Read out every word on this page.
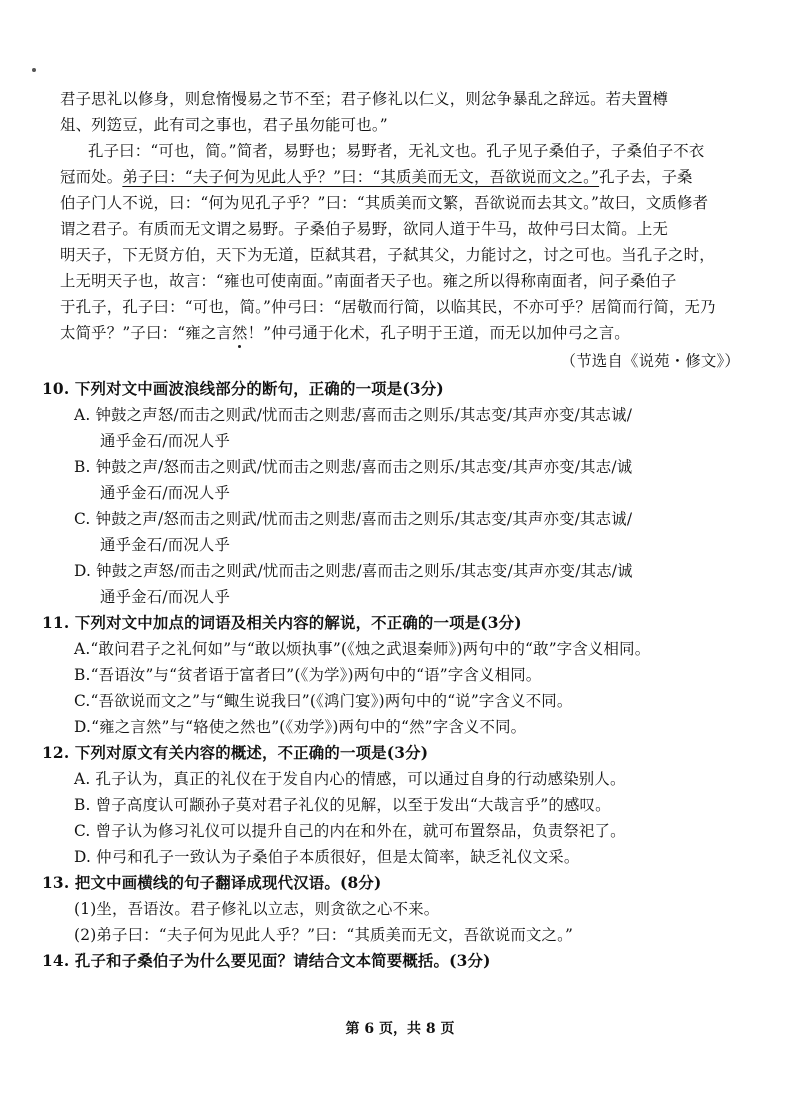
君子思礼以修身，则怠惰慢易之节不至；君子修礼以仁义，则忿争暴乱之辞远。若夫置樽
俎、列笾豆，此有司之事也，君子虽勿能可也。”
孔子曰：“可也，简。”简者，易野也；易野者，无礼文也。孔子见子桑伯子，子桑伯子不衣
冠而处。弟子曰：“夫子何为见此人乎？”曰：“其质美而无文，吾欲说而文之。”孔子去，子桑
伯子门人不说，曰：“何为见孔子乎？”曰：“其质美而文繁，吾欲说而去其文。”故曰，文质修者
谓之君子。有质而无文谓之易野。子桑伯子易野，欲同人道于牛马，故仲弓曰太简。上无
明天子，下无贤方伯，天下为无道，臣弑其君，子弑其父，力能讨之，讨之可也。当孔子之时，
上无明天子也，故言：“雍也可使南面。”南面者天子也。雍之所以得称南面者，问子桑伯子
于孔子，孔子曰：“可也，简。”仲弓曰：“居敬而行简，以临其民，不亦可乎？居简而行简，无乃
太简乎？”子曰：“雍之言然！”仲弓通于化术，孔子明于王道，而无以加仲弓之言。
（节选自《说苑・修文》）
10. 下列对文中画波浪线部分的断句，正确的一项是(3分)
A. 钟鼓之声怒/而击之则武/忧而击之则悲/喜而击之则乐/其志变/其声亦变/其志诚/
通乎金石/而况人乎
B. 钟鼓之声/怒而击之则武/忧而击之则悲/喜而击之则乐/其志变/其声亦变/其志/诚
通乎金石/而况人乎
C. 钟鼓之声/怒而击之则武/忧而击之则悲/喜而击之则乐/其志变/其声亦变/其志诚/
通乎金石/而况人乎
D. 钟鼓之声怒/而击之则武/忧而击之则悲/喜而击之则乐/其志变/其声亦变/其志/诚
通乎金石/而况人乎
11. 下列对文中加点的词语及相关内容的解说，不正确的一项是(3分)
A.“敢问君子之礼何如”与“敢以烦执事”(《烛之武退秦师》)两句中的“敢”字含义相同。
B.“吾语汝”与“贫者语于富者曰”(《为学》)两句中的“语”字含义相同。
C.“吾欲说而文之”与“鲰生说我曰”(《鸿门宴》)两句中的“说”字含义不同。
D.“雍之言然”与“辂使之然也”(《劝学》)两句中的“然”字含义不同。
12. 下列对原文有关内容的概述，不正确的一项是(3分)
A. 孔子认为，真正的礼仪在于发自内心的情感，可以通过自身的行动感染别人。
B. 曾子高度认可颛孙子莫对君子礼仪的见解，以至于发出“大哉言乎”的感叹。
C. 曾子认为修习礼仪可以提升自己的内在和外在，就可布置祭品，负责祭祀了。
D. 仲弓和孔子一致认为子桑伯子本质很好，但是太简率，缺乏礼仪文采。
13. 把文中画横线的句子翻译成现代汉语。(8分)
(1)坐，吾语汝。君子修礼以立志，则贪欲之心不来。
(2)弟子曰：“夫子何为见此人乎？”曰：“其质美而无文，吾欲说而文之。”
14. 孔子和子桑伯子为什么要见面？请结合文本简要概括。(3分)
第 6 页，共 8 页
